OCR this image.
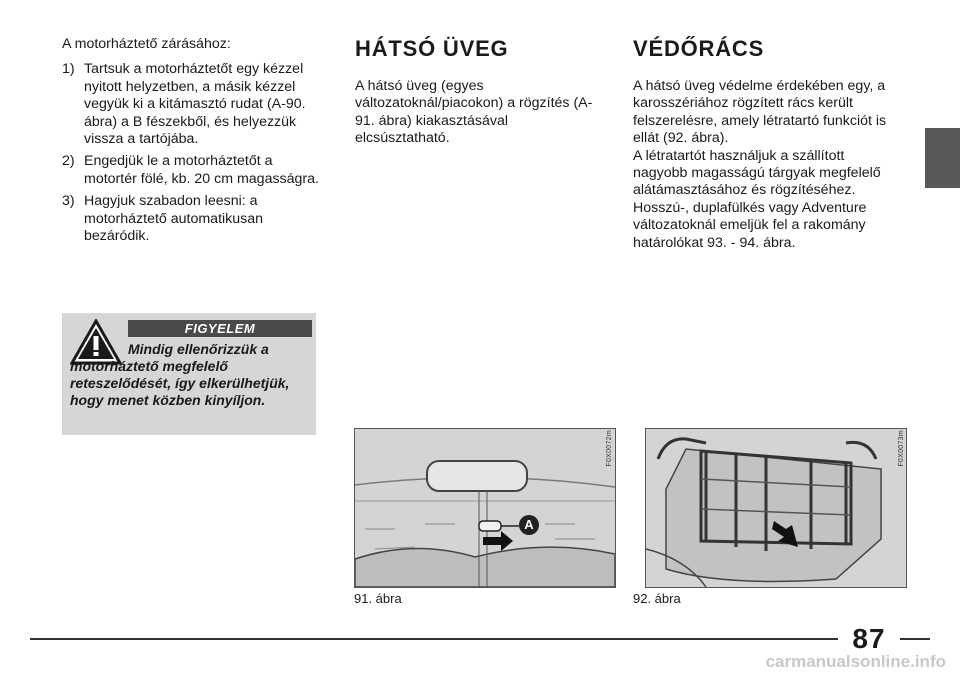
A motorháztető zárásához:

1) Tartsuk a motorháztetőt egy kézzel nyitott helyzetben, a másik kézzel vegyük ki a kitámasztó rudat (A-90. ábra) a B fészekből, és helyezzük vissza a tartójába.
2) Engedjük le a motorháztetőt a motortér fölé, kb. 20 cm magasságra.
3) Hagyjuk szabadon leesni: a motorháztető automatikusan bezáródik.
FIGYELEM
Mindig ellenőrizzük a motorháztető megfelelő reteszelődését, így elkerülhetjük, hogy menet közben kinyíljon.
HÁTSÓ ÜVEG
A hátsó üveg (egyes változatoknál/piacokon) a rögzítés (A-91. ábra) kiakasztásával elcsúsztatható.
VÉDŐRÁCS
A hátsó üveg védelme érdekében egy, a karosszériához rögzített rács került felszerelésre, amely létratartó funkciót is ellát (92. ábra).
A létratartót használjuk a szállított nagyobb magasságú tárgyak megfelelő alátámasztásához és rögzítéséhez. Hosszú-, duplafülkés vagy Adventure változatoknál emeljük fel a rakomány határolókat 93. - 94. ábra.
A
F0X0072m
91. ábra
F0X0073m
92. ábra
87
carmanualsonline.info
